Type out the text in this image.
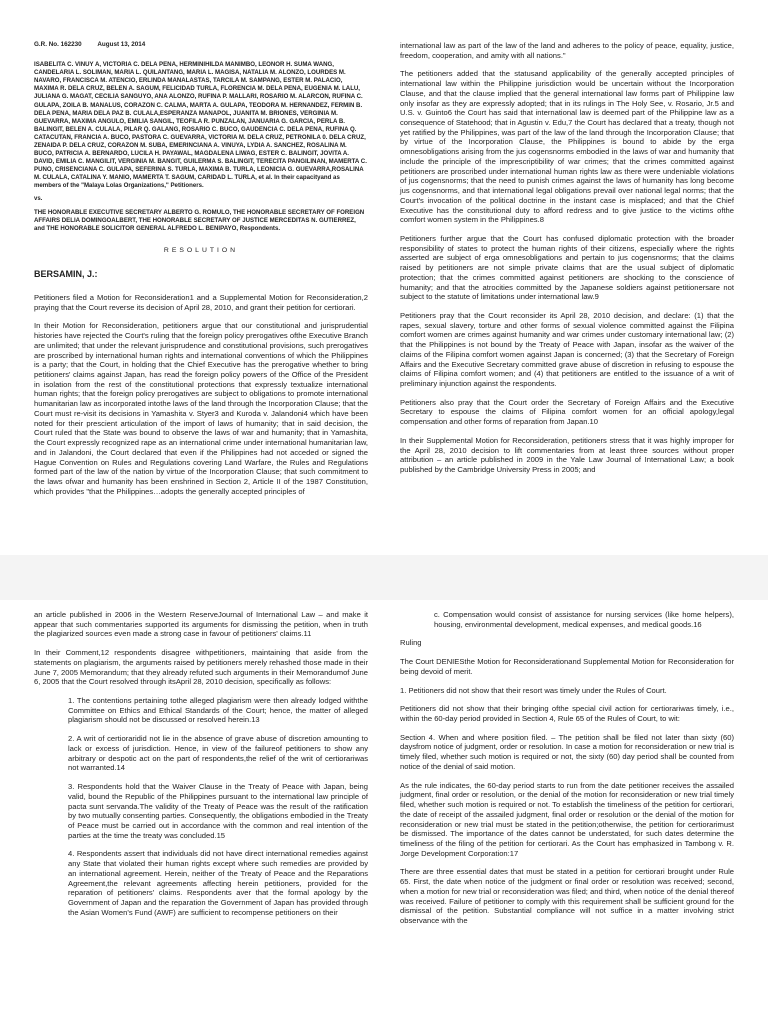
G.R. No. 162230	August 13, 2014

ISABELITA C. VINUY A, VICTORIA C. DELA PENA, HERMINIHILDA MANIMBO, LEONOR H. SUMA WANG, CANDELARIA L. SOLIMAN, MARIA L. QUILANTANG, MARIA L. MAGISA, NATALIA M. ALONZO, LOURDES M. NAVARO, FRANCISCA M. ATENCIO, ERLINDA MANALASTAS, TARCILA M. SAMPANG, ESTER M. PALACIO, MAXIMA R. DELA CRUZ, BELEN A. SAGUM, FELICIDAD TURLA, FLORENCIA M. DELA PENA, EUGENIA M. LALU, JULIANA G. MAGAT, CECILIA SANGUYO, ANA ALONZO, RUFINA P. MALLARI, ROSARIO M. ALARCON, RUFINA C. GULAPA, ZOILA B. MANALUS, CORAZON C. CALMA, MARTA A. GULAPA, TEODORA M. HERNANDEZ, FERMIN B. DELA PENA, MARIA DELA PAZ B. CULALA,ESPERANZA MANAPOL, JUANITA M. BRIONES, VERGINIA M. GUEVARRA, MAXIMA ANGULO, EMILIA SANGIL, TEOFILA R. PUNZALAN, JANUARIA G. GARCIA, PERLA B. BALINGIT, BELEN A. CULALA, PILAR Q. GALANG, ROSARIO C. BUCO, GAUDENCIA C. DELA PENA, RUFINA Q. CATACUTAN, FRANCIA A. BUCO, PASTORA C. GUEVARRA, VICTORIA M. DELA CRUZ, PETRONILA 0. DELA CRUZ, ZENAIDA P. DELA CRUZ, CORAZON M. SUBA, EMERINCIANA A. VINUYA, LYDIA A. SANCHEZ, ROSALINA M. BUCO, PATRICIA A. BERNARDO, LUCILA H. PAYAWAL, MAGDALENA LIWAG, ESTER C. BALINGIT, JOVITA A. DAVID, EMILIA C. MANGILIT, VERGINIA M. BANGIT, GUILERMA S. BALINGIT, TERECITA PANGILINAN, MAMERTA C. PUNO, CRISENCIANA C. GULAPA, SEFERINA S. TURLA, MAXIMA B. TURLA, LEONICIA G. GUEVARRA,ROSALINA M. CULALA, CATALINA Y. MANIO, MAMERTA T. SAGUM, CARIDAD L. TURLA, et al. In their capacityand as members of the "Malaya Lolas Organizations," Petitioners.

vs.

THE HONORABLE EXECUTIVE SECRETARY ALBERTO G. ROMULO, THE HONORABLE SECRETARY OF FOREIGN AFFAIRS DELIA DOMINGOALBERT, THE HONORABLE SECRETARY OF JUSTICE MERCEDITAS N. GUTIERREZ, and THE HONORABLE SOLICITOR GENERAL ALFREDO L. BENIPAYO, Respondents.

RESOLUTION
BERSAMIN, J.:

Petitioners filed a Motion for Reconsideration1 and a Supplemental Motion for Reconsideration,2 praying that the Court reverse its decision of April 28, 2010, and grant their petition for certiorari.

In their Motion for Reconsideration, petitioners argue that our constitutional and jurisprudential histories have rejected the Court's ruling that the foreign policy prerogatives ofthe Executive Branch are unlimited; that under the relevant jurisprudence and constitutional provisions, such prerogatives are proscribed by international human rights and international conventions of which the Philippines is a party; that the Court, in holding that the Chief Executive has the prerogative whether to bring petitioners' claims against Japan, has read the foreign policy powers of the Office of the President in isolation from the rest of the constitutional protections that expressly textualize international human rights; that the foreign policy prerogatives are subject to obligations to promote international humanitarian law as incorporated intothe laws of the land through the Incorporation Clause; that the Court must re-visit its decisions in Yamashita v. Styer3 and Kuroda v. Jalandoni4 which have been noted for their prescient articulation of the import of laws of humanity; that in said decision, the Court ruled that the State was bound to observe the laws of war and humanity; that in Yamashita, the Court expressly recognized rape as an international crime under international humanitarian law, and in Jalandoni, the Court declared that even if the Philippines had not acceded or signed the Hague Convention on Rules and Regulations covering Land Warfare, the Rules and Regulations formed part of the law of the nation by virtue of the Incorporation Clause; that such commitment to the laws ofwar and humanity has been enshrined in Section 2, Article II of the 1987 Constitution, which provides "that the Philippines…adopts the generally accepted principles of

international law as part of the law of the land and adheres to the policy of peace, equality, justice, freedom, cooperation, and amity with all nations."

The petitioners added that the statusand applicability of the generally accepted principles of international law within the Philippine jurisdiction would be uncertain without the Incorporation Clause, and that the clause implied that the general international law forms part of Philippine law only insofar as they are expressly adopted; that in its rulings in The Holy See, v. Rosario, Jr.5 and U.S. v. Guinto6 the Court has said that international law is deemed part of the Philippine law as a consequence of Statehood; that in Agustin v. Edu,7 the Court has declared that a treaty, though not yet ratified by the Philippines, was part of the law of the land through the Incorporation Clause; that by virtue of the Incorporation Clause, the Philippines is bound to abide by the erga omnesobligations arising from the jus cogensnorms embodied in the laws of war and humanity that include the principle of the imprescriptibility of war crimes; that the crimes committed against petitioners are proscribed under international human rights law as there were undeniable violations of jus cogensnorms; that the need to punish crimes against the laws of humanity has long become jus cogensnorms, and that international legal obligations prevail over national legal norms; that the Court's invocation of the political doctrine in the instant case is misplaced; and that the Chief Executive has the constitutional duty to afford redress and to give justice to the victims ofthe comfort women system in the Philippines.8

Petitioners further argue that the Court has confused diplomatic protection with the broader responsibility of states to protect the human rights of their citizens, especially where the rights asserted are subject of erga omnesobligations and pertain to jus cogensnorms; that the claims raised by petitioners are not simple private claims that are the usual subject of diplomatic protection; that the crimes committed against petitioners are shocking to the conscience of humanity; and that the atrocities committed by the Japanese soldiers against petitionersare not subject to the statute of limitations under international law.9

Petitioners pray that the Court reconsider its April 28, 2010 decision, and declare: (1) that the rapes, sexual slavery, torture and other forms of sexual violence committed against the Filipina comfort women are crimes against humanity and war crimes under customary international law; (2) that the Philippines is not bound by the Treaty of Peace with Japan, insofar as the waiver of the claims of the Filipina comfort women against Japan is concerned; (3) that the Secretary of Foreign Affairs and the Executive Secretary committed grave abuse of discretion in refusing to espouse the claims of Filipina comfort women; and (4) that petitioners are entitled to the issuance of a writ of preliminary injunction against the respondents.

Petitioners also pray that the Court order the Secretary of Foreign Affairs and the Executive Secretary to espouse the claims of Filipina comfort women for an official apology,legal compensation and other forms of reparation from Japan.10

In their Supplemental Motion for Reconsideration, petitioners stress that it was highly improper for the April 28, 2010 decision to lift commentaries from at least three sources without proper attribution – an article published in 2009 in the Yale Law Journal of International Law; a book published by the Cambridge University Press in 2005; and

an article published in 2006 in the Western ReserveJournal of International Law – and make it appear that such commentaries supported its arguments for dismissing the petition, when in truth the plagiarized sources even made a strong case in favour of petitioners' claims.11

In their Comment,12 respondents disagree withpetitioners, maintaining that aside from the statements on plagiarism, the arguments raised by petitioners merely rehashed those made in their June 7, 2005 Memorandum; that they already refuted such arguments in their Memorandumof June 6, 2005 that the Court resolved through itsApril 28, 2010 decision, specifically as follows:

1. The contentions pertaining tothe alleged plagiarism were then already lodged withthe Committee on Ethics and Ethical Standards of the Court; hence, the matter of alleged plagiarism should not be discussed or resolved herein.13

2. A writ of certioraridid not lie in the absence of grave abuse of discretion amounting to lack or excess of jurisdiction. Hence, in view of the failureof petitioners to show any arbitrary or despotic act on the part of respondents,the relief of the writ of certiorariwas not warranted.14

3. Respondents hold that the Waiver Clause in the Treaty of Peace with Japan, being valid, bound the Republic of the Philippines pursuant to the international law principle of pacta sunt servanda.The validity of the Treaty of Peace was the result of the ratification by two mutually consenting parties. Consequently, the obligations embodied in the Treaty of Peace must be carried out in accordance with the common and real intention of the parties at the time the treaty was concluded.15

4. Respondents assert that individuals did not have direct international remedies against any State that violated their human rights except where such remedies are provided by an international agreement. Herein, neither of the Treaty of Peace and the Reparations Agreement,the relevant agreements affecting herein petitioners, provided for the reparation of petitioners' claims. Respondents aver that the formal apology by the Government of Japan and the reparation the Government of Japan has provided through the Asian Women's Fund (AWF) are sufficient to recompense petitioners on their

c. Compensation would consist of assistance for nursing services (like home helpers), housing, environmental development, medical expenses, and medical goods.16

Ruling

The Court DENIESthe Motion for Reconsiderationand Supplemental Motion for Reconsideration for being devoid of merit.

1. Petitioners did not show that their resort was timely under the Rules of Court.

Petitioners did not show that their bringing ofthe special civil action for certiorariwas timely, i.e., within the 60-day period provided in Section 4, Rule 65 of the Rules of Court, to wit:

Section 4. When and where position filed. – The petition shall be filed not later than sixty (60) daysfrom notice of judgment, order or resolution. In case a motion for reconsideration or new trial is timely filed, whether such motion is required or not, the sixty (60) day period shall be counted from notice of the denial of said motion.

As the rule indicates, the 60-day period starts to run from the date petitioner receives the assailed judgment, final order or resolution, or the denial of the motion for reconsideration or new trial timely filed, whether such motion is required or not. To establish the timeliness of the petition for certiorari, the date of receipt of the assailed judgment, final order or resolution or the denial of the motion for reconsideration or new trial must be stated in the petition;otherwise, the petition for certiorarimust be dismissed. The importance of the dates cannot be understated, for such dates determine the timeliness of the filing of the petition for certiorari. As the Court has emphasized in Tambong v. R. Jorge Development Corporation:17

There are three essential dates that must be stated in a petition for certiorari brought under Rule 65. First, the date when notice of the judgment or final order or resolution was received; second, when a motion for new trial or reconsideration was filed; and third, when notice of the denial thereof was received. Failure of petitioner to comply with this requirement shall be sufficient ground for the dismissal of the petition. Substantial compliance will not suffice in a matter involving strict observance with the
